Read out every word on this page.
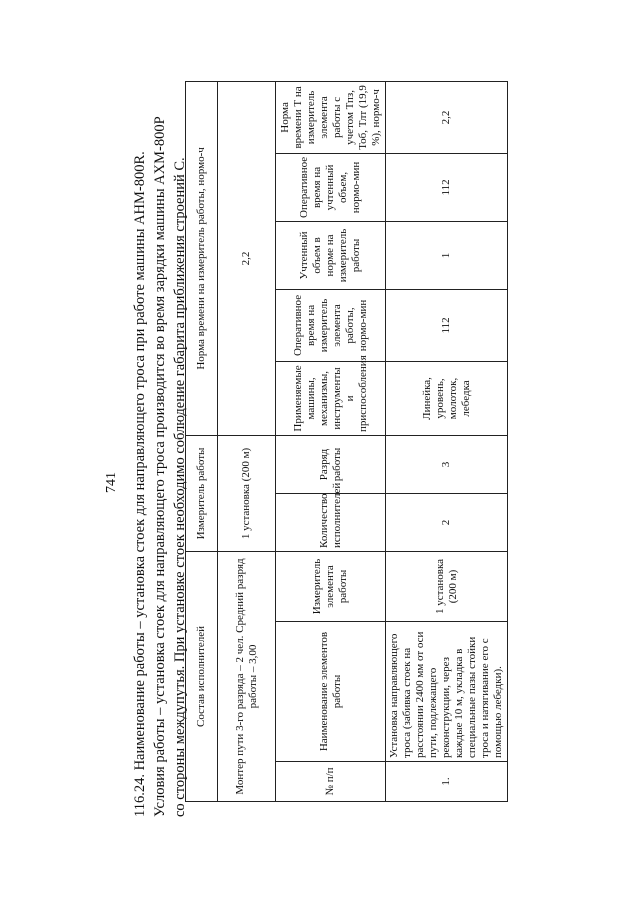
741 116.24. Наименование работы – установка стоек для направляющего троса при работе машины АНМ-800R. Условия работы – установка стоек для направляющего троса производится во время зарядки машины АХМ-800Р со стороны междупутья. При установке стоек необходимо соблюдение габарита приближения строений С. Состав исполнителей			Измеритель работы		Норма времени на измеритель работы, нормо-ч				
Монтер пути 3-го разряда – 2 чел. Средний разряд работы – 3,00			1 установка (200 м)		2,2				
№ п/п	Наименование элементов работы	Измеритель элемента работы	Количество исполнителей	Разряд работы	Применяемые машины, механизмы, инструменты и приспособления	Оперативное время на измеритель элемента работы, нормо-мин	Учтенный объем в норме на измеритель работы	Оперативное время на учтенный объем, нормо-мин	Норма времени Т на измеритель элемента работы с учетом Тпз, Тоб, Тлт (19,9 %), нормо-ч
1.	Установка направляющего троса (забивка стоек на расстоянии 2400 мм от оси пути, подлежащего реконструкции, через каждые 10 м, укладка в специальные пазы стойки троса и натягивание его с помощью лебедки).	1 установка (200 м)	2	3	Линейка, уровень, молоток, лебедка	112	1	112	2,2
